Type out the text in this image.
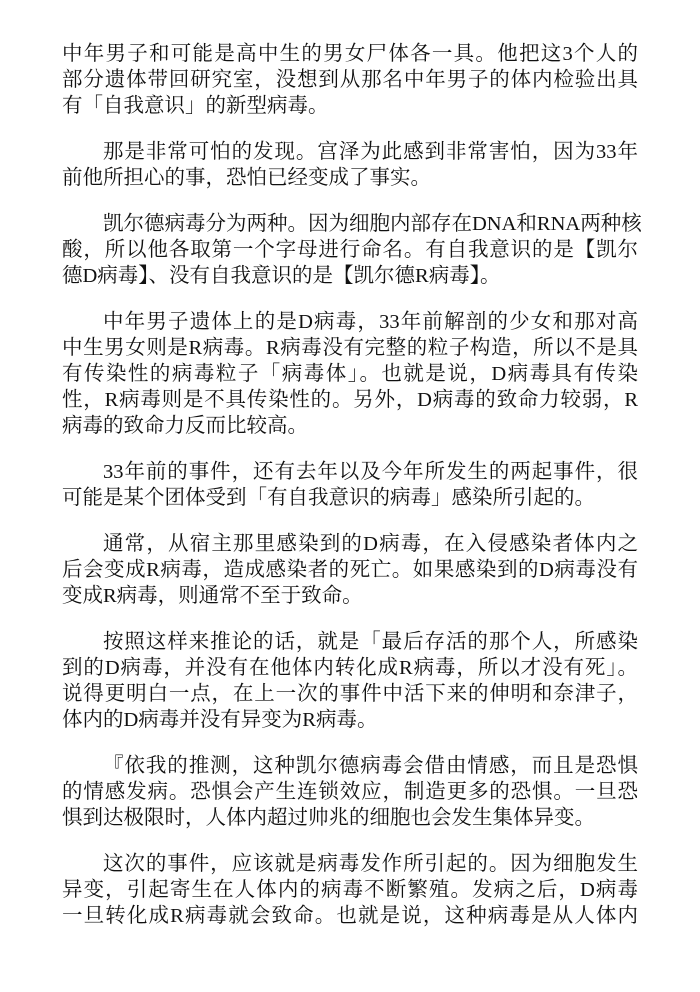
中年男子和可能是高中生的男女尸体各一具。他把这3个人的
部分遗体带回研究室，没想到从那名中年男子的体内检验出具
有「自我意识」的新型病毒。
那是非常可怕的发现。宫泽为此感到非常害怕，因为33年
前他所担心的事，恐怕已经变成了事实。
凯尔德病毒分为两种。因为细胞内部存在DNA和RNA两种核
酸，所以他各取第一个字母进行命名。有自我意识的是【凯尔
德D病毒】、没有自我意识的是【凯尔德R病毒】。
中年男子遗体上的是D病毒，33年前解剖的少女和那对高
中生男女则是R病毒。R病毒没有完整的粒子构造，所以不是具
有传染性的病毒粒子「病毒体」。也就是说，D病毒具有传染
性，R病毒则是不具传染性的。另外，D病毒的致命力较弱，R
病毒的致命力反而比较高。
33年前的事件，还有去年以及今年所发生的两起事件，很
可能是某个团体受到「有自我意识的病毒」感染所引起的。
通常，从宿主那里感染到的D病毒，在入侵感染者体内之
后会变成R病毒，造成感染者的死亡。如果感染到的D病毒没有
变成R病毒，则通常不至于致命。
按照这样来推论的话，就是「最后存活的那个人，所感染
到的D病毒，并没有在他体内转化成R病毒，所以才没有死」。
说得更明白一点，在上一次的事件中活下来的伸明和奈津子，
体内的D病毒并没有异变为R病毒。
『依我的推测，这种凯尔德病毒会借由情感，而且是恐惧
的情感发病。恐惧会产生连锁效应，制造更多的恐惧。一旦恐
惧到达极限时，人体内超过帅兆的细胞也会发生集体异变。
这次的事件，应该就是病毒发作所引起的。因为细胞发生
异变，引起寄生在人体内的病毒不断繁殖。发病之后，D病毒
一旦转化成R病毒就会致命。也就是说，这种病毒是从人体内
